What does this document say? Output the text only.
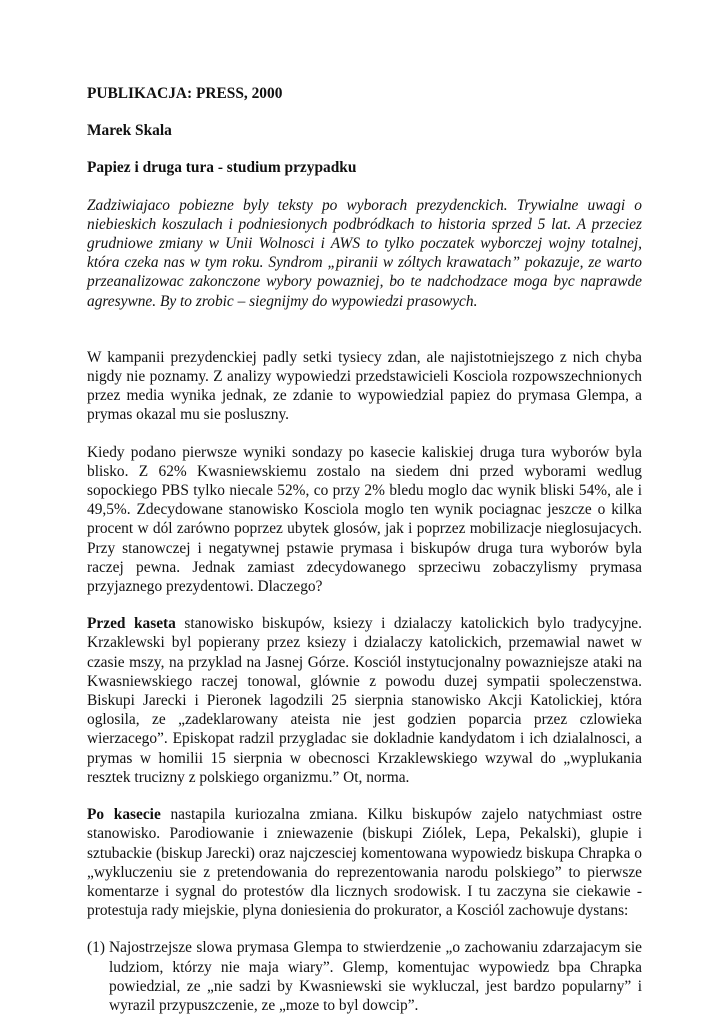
PUBLIKACJA: PRESS, 2000
Marek Skala
Papiez i druga tura - studium przypadku
Zadziwiajaco pobiezne byly teksty po wyborach prezydenckich. Trywialne uwagi o niebieskich koszulach i podniesionych podbródkach to historia sprzed 5 lat. A przeciez grudniowe zmiany w Unii Wolnosci i AWS to tylko poczatek wyborczej wojny totalnej, która czeka nas w tym roku. Syndrom „piranii w zóltych krawatach” pokazuje, ze warto przeanalizowac zakonczone wybory powazniej, bo te nadchodzace moga byc naprawde agresywne. By to zrobic – siegnijmy do wypowiedzi prasowych.
W kampanii prezydenckiej padly setki tysiecy zdan, ale najistotniejszego z nich chyba nigdy nie poznamy. Z analizy wypowiedzi przedstawicieli Kosciola rozpowszechnionych przez media wynika jednak, ze zdanie to wypowiedzial papiez do prymasa Glempa, a prymas okazal mu sie posluszny.
Kiedy podano pierwsze wyniki sondazy po kasecie kaliskiej druga tura wyborów byla blisko. Z 62% Kwasniewskiemu zostalo na siedem dni przed wyborami wedlug sopockiego PBS tylko niecale 52%, co przy 2% bledu moglo dac wynik bliski 54%, ale i 49,5%. Zdecydowane stanowisko Kosciola moglo ten wynik pociagnac jeszcze o kilka procent w dól zarówno poprzez ubytek glosów, jak i poprzez mobilizacje nieglosujacych. Przy stanowczej i negatywnej pstawie prymasa i biskupów druga tura wyborów byla raczej pewna. Jednak zamiast zdecydowanego sprzeciwu zobaczylismy prymasa przyjaznego prezydentowi. Dlaczego?
Przed kaseta stanowisko biskupów, ksiezy i dzialaczy katolickich bylo tradycyjne. Krzaklewski byl popierany przez ksiezy i dzialaczy katolickich, przemawial nawet w czasie mszy, na przyklad na Jasnej Górze. Kosciól instytucjonalny powazniejsze ataki na Kwasniewskiego raczej tonowal, glównie z powodu duzej sympatii spoleczenstwa. Biskupi Jarecki i Pieronek lagodzili 25 sierpnia stanowisko Akcji Katolickiej, która oglosila, ze „zadeklarowany ateista nie jest godzien poparcia przez czlowieka wierzacego”. Episkopat radzil przygladac sie dokladnie kandydatom i ich dzialalnosci, a prymas w homilii 15 sierpnia w obecnosci Krzaklewskiego wzywal do „wyplukania resztek trucizny z polskiego organizmu.” Ot, norma.
Po kasecie nastapila kuriozalna zmiana. Kilku biskupów zajelo natychmiast ostre stanowisko. Parodiowanie i zniewazenie (biskupi Ziólek, Lepa, Pekalski), glupie i sztubackie (biskup Jarecki) oraz najczesciej komentowana wypowiedz biskupa Chrapka o „wykluczeniu sie z pretendowania do reprezentowania narodu polskiego” to pierwsze komentarze i sygnal do protestów dla licznych srodowisk. I tu zaczyna sie ciekawie - protestuja rady miejskie, plyna doniesienia do prokurator, a Kosciól zachowuje dystans:
(1) Najostrzejsze slowa prymasa Glempa to stwierdzenie „o zachowaniu zdarzajacym sie ludziom, którzy nie maja wiary”. Glemp, komentujac wypowiedz bpa Chrapka powiedzial, ze „nie sadzi by Kwasniewski sie wykluczal, jest bardzo popularny” i wyrazil przypuszczenie, ze „moze to byl dowcip”.
